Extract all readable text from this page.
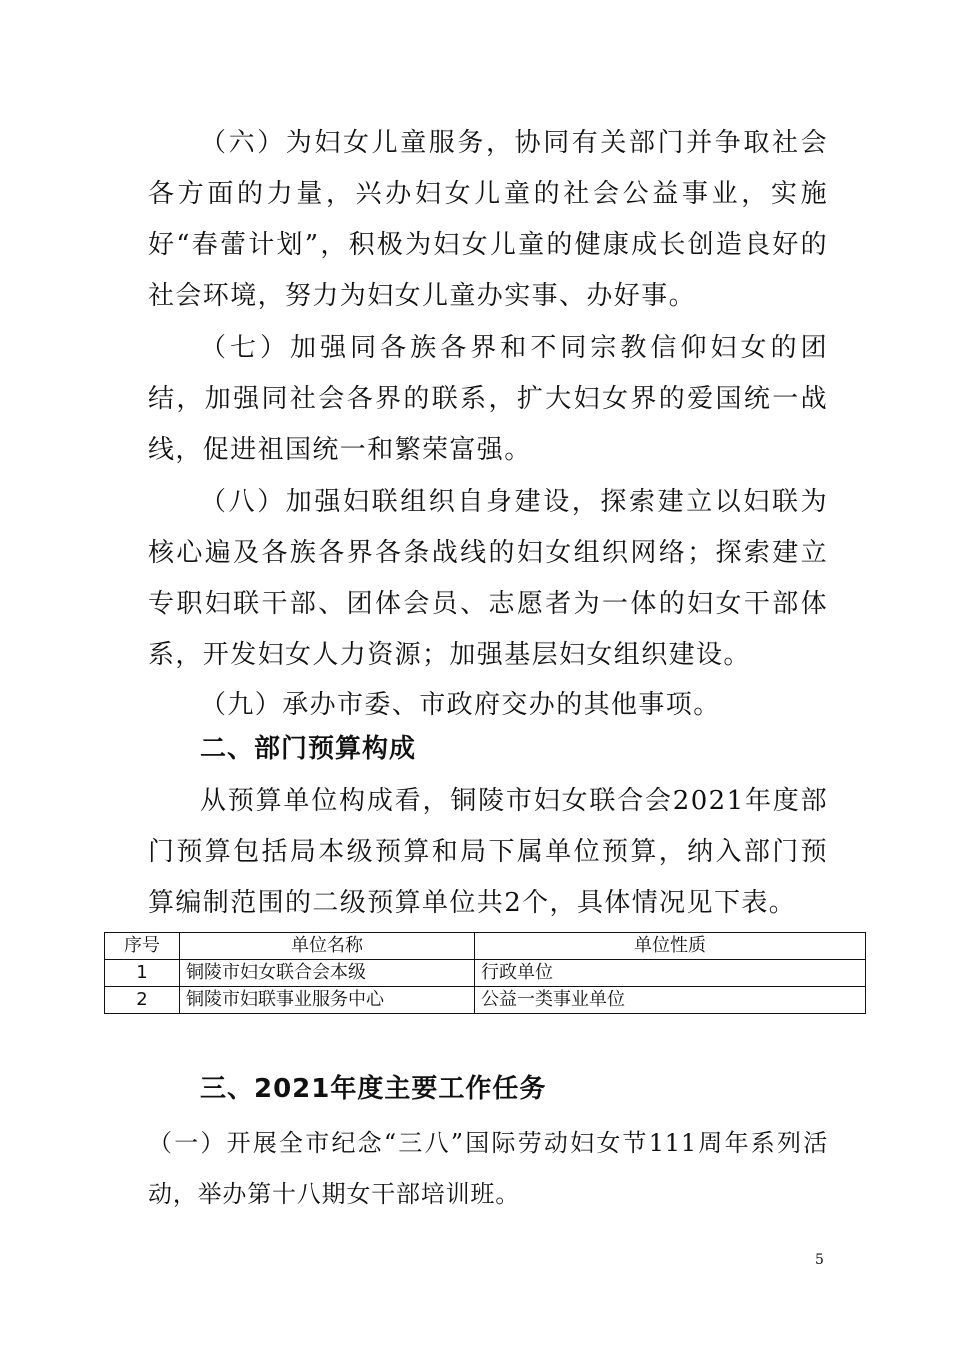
（六）为妇女儿童服务，协同有关部门并争取社会各方面的力量，兴办妇女儿童的社会公益事业，实施好“春蕾计划”，积极为妇女儿童的健康成长创造良好的社会环境，努力为妇女儿童办实事、办好事。

（七）加强同各族各界和不同宗教信仰妇女的团结，加强同社会各界的联系，扩大妇女界的爱国统一战线，促进祖国统一和繁荣富强。

（八）加强妇联组织自身建设，探索建立以妇联为核心遍及各族各界各条战线的妇女组织网络；探索建立专职妇联干部、团体会员、志愿者为一体的妇女干部体系，开发妇女人力资源；加强基层妇女组织建设。

（九）承办市委、市政府交办的其他事项。

二、部门预算构成

从预算单位构成看，铜陵市妇女联合会2021年度部门预算包括局本级预算和局下属单位预算，纳入部门预算编制范围的二级预算单位共2个，具体情况见下表。

序号	单位名称	单位性质
1	铜陵市妇女联合会本级	行政单位
2	铜陵市妇联事业服务中心	公益一类事业单位
三、2021年度主要工作任务

（一）开展全市纪念“三八”国际劳动妇女节111周年系列活动，举办第十八期女干部培训班。

5
